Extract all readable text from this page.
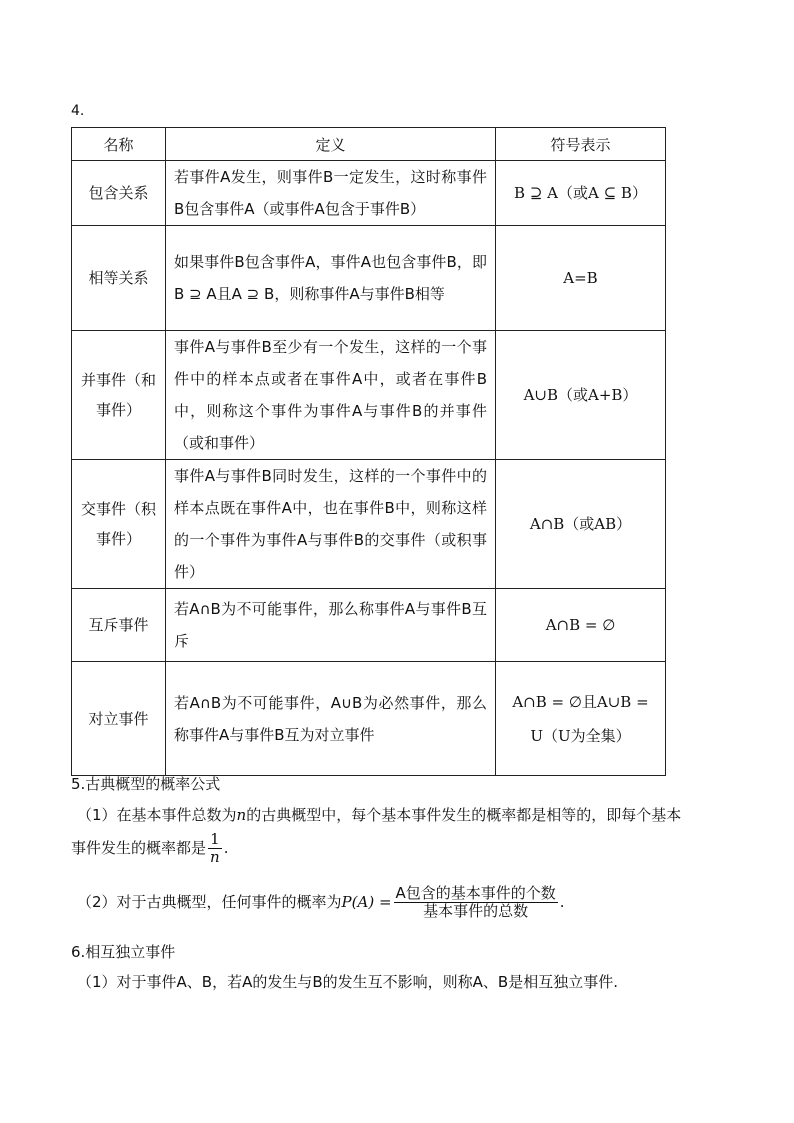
4.
名称	定义	符号表示
包含关系	若事件A发生，则事件B一定发生，这时称事件B包含事件A（或事件A包含于事件B）	B ⊇ A（或A ⊆ B）
相等关系	如果事件B包含事件A，事件A也包含事件B，即B ⊇ A且A ⊇ B，则称事件A与事件B相等	A=B
并事件（和事件）	事件A与事件B至少有一个发生，这样的一个事件中的样本点或者在事件A中，或者在事件B中，则称这个事件为事件A与事件B的并事件（或和事件）	A∪B（或A+B）
交事件（积事件）	事件A与事件B同时发生，这样的一个事件中的样本点既在事件A中，也在事件B中，则称这样的一个事件为事件A与事件B的交事件（或积事件）	A∩B（或AB）
互斥事件	若A∩B为不可能事件，那么称事件A与事件B互斥	A∩B = ∅
对立事件	若A∩B为不可能事件，A∪B为必然事件，那么称事件A与事件B互为对立事件	A∩B = ∅且A∪B = U（U为全集）
5.古典概型的概率公式
（1）在基本事件总数为n的古典概型中，每个基本事件发生的概率都是相等的，即每个基本
事件发生的概率都是 $\frac{1}{n}$ .
（2）对于古典概型，任何事件的概率为$P(A) = \frac{\text{A包含的基本事件的个数}}{\text{基本事件的总数}}$ .
6.相互独立事件
（1）对于事件A、B，若A的发生与B的发生互不影响，则称A、B是相互独立事件.
